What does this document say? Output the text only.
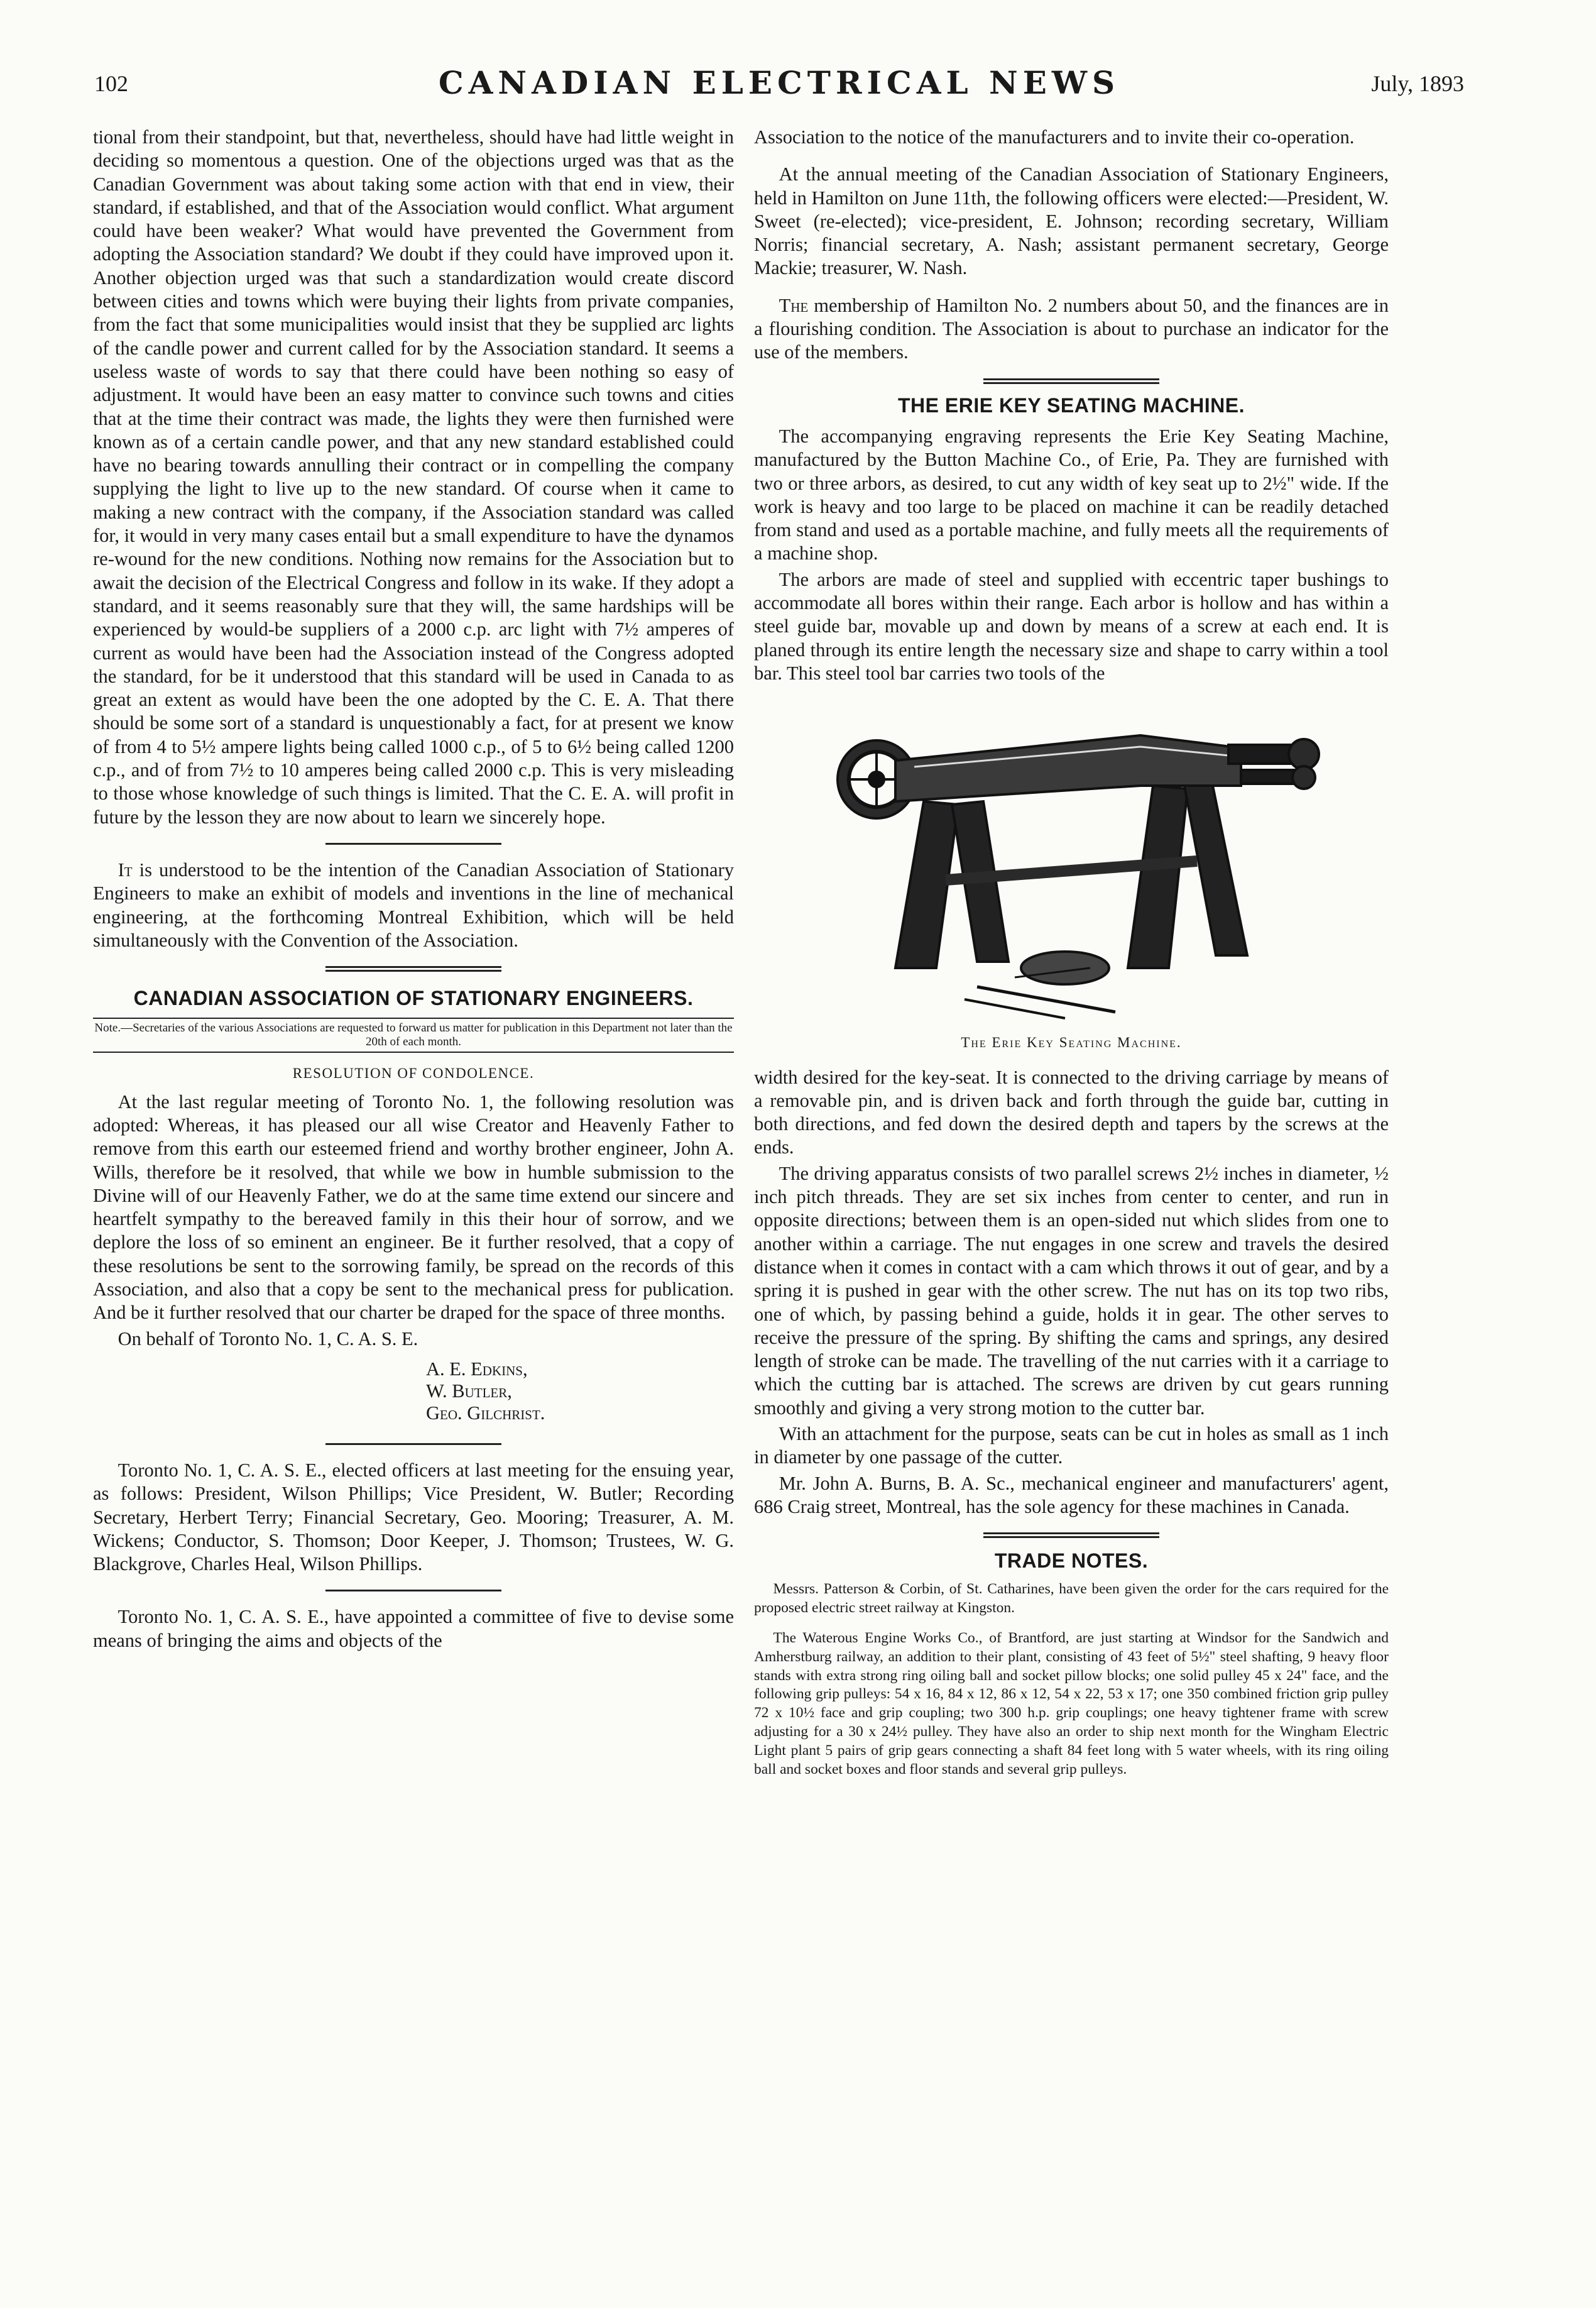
102	CANADIAN ELECTRICAL NEWS	July, 1893

tional from their standpoint, but that, nevertheless, should have had little weight in deciding so momentous a question. One of the objections urged was that as the Canadian Government was about taking some action with that end in view, their standard, if established, and that of the Association would conflict. What argument could have been weaker? What would have prevented the Government from adopting the Association standard? We doubt if they could have improved upon it. Another objection urged was that such a standardization would create discord between cities and towns which were buying their lights from private companies, from the fact that some municipalities would insist that they be supplied arc lights of the candle power and current called for by the Association standard. It seems a useless waste of words to say that there could have been nothing so easy of adjustment. It would have been an easy matter to convince such towns and cities that at the time their contract was made, the lights they were then furnished were known as of a certain candle power, and that any new standard established could have no bearing towards annulling their contract or in compelling the company supplying the light to live up to the new standard. Of course when it came to making a new contract with the company, if the Association standard was called for, it would in very many cases entail but a small expenditure to have the dynamos re-wound for the new conditions. Nothing now remains for the Association but to await the decision of the Electrical Congress and follow in its wake. If they adopt a standard, and it seems reasonably sure that they will, the same hardships will be experienced by would-be suppliers of a 2000 c.p. arc light with 7½ amperes of current as would have been had the Association instead of the Congress adopted the standard, for be it understood that this standard will be used in Canada to as great an extent as would have been the one adopted by the C. E. A. That there should be some sort of a standard is unquestionably a fact, for at present we know of from 4 to 5½ ampere lights being called 1000 c.p., of 5 to 6½ being called 1200 c.p., and of from 7½ to 10 amperes being called 2000 c.p. This is very misleading to those whose knowledge of such things is limited. That the C. E. A. will profit in future by the lesson they are now about to learn we sincerely hope.

It is understood to be the intention of the Canadian Association of Stationary Engineers to make an exhibit of models and inventions in the line of mechanical engineering, at the forthcoming Montreal Exhibition, which will be held simultaneously with the Convention of the Association.

CANADIAN ASSOCIATION OF STATIONARY ENGINEERS.
Note.—Secretaries of the various Associations are requested to forward us matter for publication in this Department not later than the 20th of each month.
RESOLUTION OF CONDOLENCE.

At the last regular meeting of Toronto No. 1, the following resolution was adopted: Whereas, it has pleased our all wise Creator and Heavenly Father to remove from this earth our esteemed friend and worthy brother engineer, John A. Wills, therefore be it resolved, that while we bow in humble submission to the Divine will of our Heavenly Father, we do at the same time extend our sincere and heartfelt sympathy to the bereaved family in this their hour of sorrow, and we deplore the loss of so eminent an engineer. Be it further resolved, that a copy of these resolutions be sent to the sorrowing family, be spread on the records of this Association, and also that a copy be sent to the mechanical press for publication. And be it further resolved that our charter be draped for the space of three months.

On behalf of Toronto No. 1, C. A. S. E.

A. E. Edkins,
W. Butler,
Geo. Gilchrist.

Toronto No. 1, C. A. S. E., elected officers at last meeting for the ensuing year, as follows: President, Wilson Phillips; Vice President, W. Butler; Recording Secretary, Herbert Terry; Financial Secretary, Geo. Mooring; Treasurer, A. M. Wickens; Conductor, S. Thomson; Door Keeper, J. Thomson; Trustees, W. G. Blackgrove, Charles Heal, Wilson Phillips.

Toronto No. 1, C. A. S. E., have appointed a committee of five to devise some means of bringing the aims and objects of the

Association to the notice of the manufacturers and to invite their co-operation.

At the annual meeting of the Canadian Association of Stationary Engineers, held in Hamilton on June 11th, the following officers were elected:—President, W. Sweet (re-elected); vice-president, E. Johnson; recording secretary, William Norris; financial secretary, A. Nash; assistant permanent secretary, George Mackie; treasurer, W. Nash.

The membership of Hamilton No. 2 numbers about 50, and the finances are in a flourishing condition. The Association is about to purchase an indicator for the use of the members.

THE ERIE KEY SEATING MACHINE.

The accompanying engraving represents the Erie Key Seating Machine, manufactured by the Button Machine Co., of Erie, Pa. They are furnished with two or three arbors, as desired, to cut any width of key seat up to 2½" wide. If the work is heavy and too large to be placed on machine it can be readily detached from stand and used as a portable machine, and fully meets all the requirements of a machine shop.

The arbors are made of steel and supplied with eccentric taper bushings to accommodate all bores within their range. Each arbor is hollow and has within a steel guide bar, movable up and down by means of a screw at each end. It is planed through its entire length the necessary size and shape to carry within a tool bar. This steel tool bar carries two tools of the

The Erie Key Seating Machine.

width desired for the key-seat. It is connected to the driving carriage by means of a removable pin, and is driven back and forth through the guide bar, cutting in both directions, and fed down the desired depth and tapers by the screws at the ends.

The driving apparatus consists of two parallel screws 2½ inches in diameter, ½ inch pitch threads. They are set six inches from center to center, and run in opposite directions; between them is an open-sided nut which slides from one to another within a carriage. The nut engages in one screw and travels the desired distance when it comes in contact with a cam which throws it out of gear, and by a spring it is pushed in gear with the other screw. The nut has on its top two ribs, one of which, by passing behind a guide, holds it in gear. The other serves to receive the pressure of the spring. By shifting the cams and springs, any desired length of stroke can be made. The travelling of the nut carries with it a carriage to which the cutting bar is attached. The screws are driven by cut gears running smoothly and giving a very strong motion to the cutter bar.

With an attachment for the purpose, seats can be cut in holes as small as 1 inch in diameter by one passage of the cutter.

Mr. John A. Burns, B. A. Sc., mechanical engineer and manufacturers' agent, 686 Craig street, Montreal, has the sole agency for these machines in Canada.

TRADE NOTES.

Messrs. Patterson & Corbin, of St. Catharines, have been given the order for the cars required for the proposed electric street railway at Kingston.

The Waterous Engine Works Co., of Brantford, are just starting at Windsor for the Sandwich and Amherstburg railway, an addition to their plant, consisting of 43 feet of 5½" steel shafting, 9 heavy floor stands with extra strong ring oiling ball and socket pillow blocks; one solid pulley 45 x 24" face, and the following grip pulleys: 54 x 16, 84 x 12, 86 x 12, 54 x 22, 53 x 17; one 350 combined friction grip pulley 72 x 10½ face and grip coupling; two 300 h.p. grip couplings; one heavy tightener frame with screw adjusting for a 30 x 24½ pulley. They have also an order to ship next month for the Wingham Electric Light plant 5 pairs of grip gears connecting a shaft 84 feet long with 5 water wheels, with its ring oiling ball and socket boxes and floor stands and several grip pulleys.
